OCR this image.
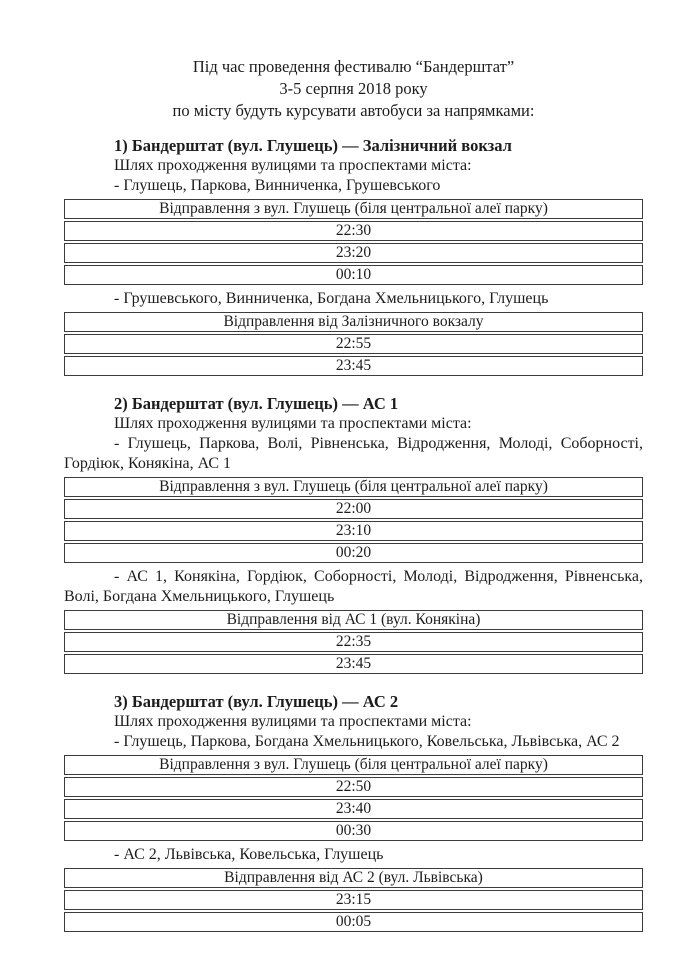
Під час проведення фестивалю “Бандерштат”
3-5 серпня 2018 року
по місту будуть курсувати автобуси за напрямками:

1) Бандерштат (вул. Глушець) — Залізничний вокзал

Шлях проходження вулицями та проспектами міста:

- Глушець, Паркова, Винниченка, Грушевського

Відправлення з вул. Глушець (біля центральної алеї парку)
22:30
23:20
00:10

- Грушевського, Винниченка, Богдана Хмельницького, Глушець

Відправлення від Залізничного вокзалу
22:55
23:45

2) Бандерштат (вул. Глушець) — АС 1

Шлях проходження вулицями та проспектами міста:

- Глушець, Паркова, Волі, Рівненська, Відродження, Молоді, Соборності, Гордіюк, Конякіна, АС 1

Відправлення з вул. Глушець (біля центральної алеї парку)
22:00
23:10
00:20

- АС 1, Конякіна, Гордіюк, Соборності, Молоді, Відродження, Рівненська, Волі, Богдана Хмельницького, Глушець

Відправлення від АС 1 (вул. Конякіна)
22:35
23:45

3) Бандерштат (вул. Глушець) — АС 2

Шлях проходження вулицями та проспектами міста:

- Глушець, Паркова, Богдана Хмельницького, Ковельська, Львівська, АС 2

Відправлення з вул. Глушець (біля центральної алеї парку)
22:50
23:40
00:30

- АС 2, Львівська, Ковельська, Глушець

Відправлення від АС 2 (вул. Львівська)
23:15
00:05
